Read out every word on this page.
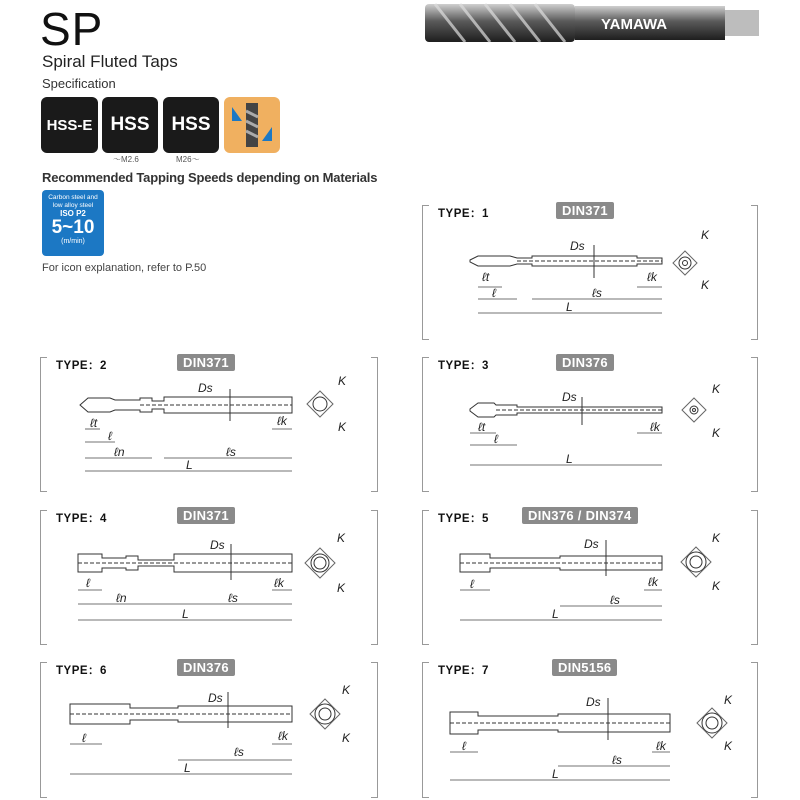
SP
Spiral Fluted Taps
Specification
YAMAWA
HSS-E HSS
～M2.6
HSS
M26～
Recommended Tapping Speeds depending on Materials
Carbon steel and
low alloy steel
ISO P2
5~10
(m/min)
For icon explanation, refer to P.50
TYPE：1	DIN371
Ds
ℓt
ℓ	ℓs
ℓk
L
K
K
TYPE：2	DIN371
Ds
ℓt
ℓ
ℓn	ℓs
ℓk
L
K
K
TYPE：3	DIN376
Ds
ℓt
ℓ
ℓk
L
K
K
TYPE：4	DIN371
Ds
ℓ
ℓn	ℓs
ℓk
L
K
K
TYPE：5	DIN376 / DIN374
Ds
ℓ
ℓs
ℓk
L
K
K
TYPE：6	DIN376
Ds
ℓ
ℓs
ℓk
L
K
K
TYPE：7	DIN5156
Ds
ℓ
ℓs
ℓk
L
K
K
